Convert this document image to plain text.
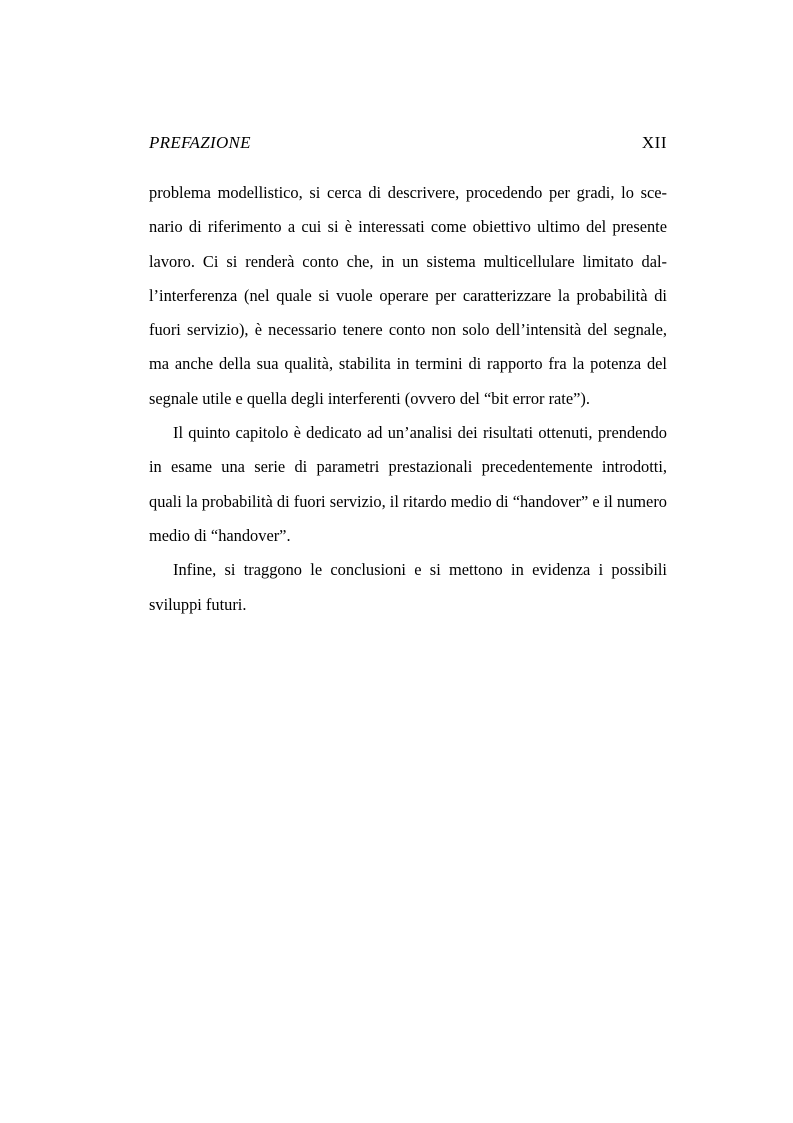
PREFAZIONE	XII

problema modellistico, si cerca di descrivere, procedendo per gradi, lo sce-
nario di riferimento a cui si è interessati come obiettivo ultimo del presente
lavoro. Ci si renderà conto che, in un sistema multicellulare limitato dal-
l’interferenza (nel quale si vuole operare per caratterizzare la probabilità di
fuori servizio), è necessario tenere conto non solo dell’intensità del segnale,
ma anche della sua qualità, stabilita in termini di rapporto fra la potenza del
segnale utile e quella degli interferenti (ovvero del “bit error rate”).

Il quinto capitolo è dedicato ad un’analisi dei risultati ottenuti, prendendo
in esame una serie di parametri prestazionali precedentemente introdotti,
quali la probabilità di fuori servizio, il ritardo medio di “handover” e il numero
medio di “handover”.

Infine, si traggono le conclusioni e si mettono in evidenza i possibili
sviluppi futuri.
